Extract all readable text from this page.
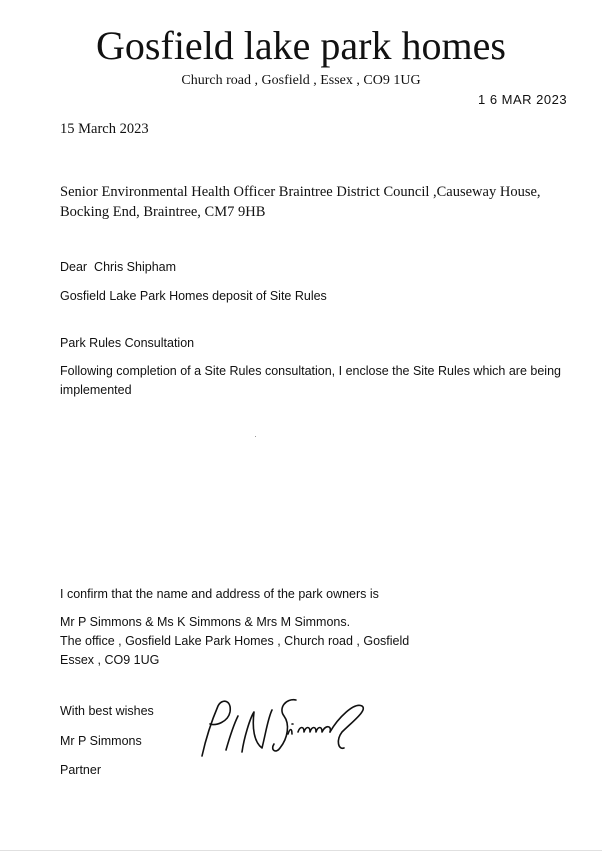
Gosfield lake park homes
Church road , Gosfield , Essex , CO9 1UG
1 6 MAR 2023
15 March 2023
Senior Environmental Health Officer Braintree District Council ,Causeway House, Bocking End, Braintree, CM7 9HB
Dear  Chris Shipham
Gosfield Lake Park Homes deposit of Site Rules
Park Rules Consultation
Following completion of a Site Rules consultation, I enclose the Site Rules which are being implemented
I confirm that the name and address of the park owners is
Mr P Simmons & Ms K Simmons & Mrs M Simmons.
The office , Gosfield Lake Park Homes , Church road , Gosfield
Essex , CO9 1UG
With best wishes
Mr P Simmons
Partner
